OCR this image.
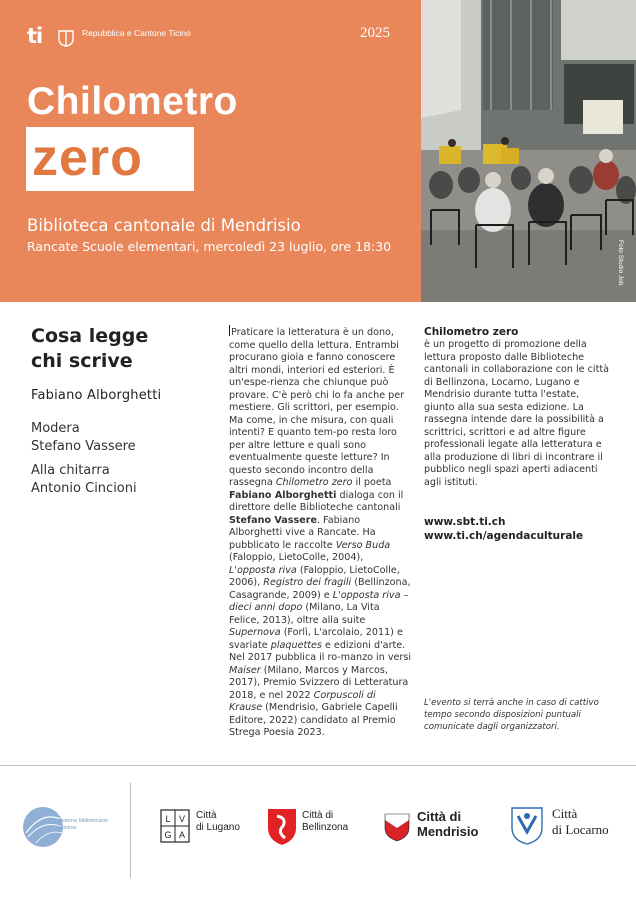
ti	Repubblica e Cantone Ticino	2025
Chilometro
zero
Biblioteca cantonale di Mendrisio
Rancate Scuole elementari, mercoledì 23 luglio, ore 18:30	Foto Studio Job
Cosa legge
chi scrive
Fabiano Alborghetti
Modera
Stefano Vassere
Alla chitarra
Antonio Cincioni

Praticare la letteratura è un dono, come quello della lettura. Entrambi procurano gioia e fanno conoscere altri mondi, interiori ed esteriori. È un'espe-rienza che chiunque può provare. C'è però chi lo fa anche per mestiere. Gli scrittori, per esempio. Ma come, in che misura, con quali intenti? E quanto tem-po resta loro per altre letture e quali sono eventualmente queste letture? In questo secondo incontro della rassegna Chilometro zero il poeta Fabiano Alborghetti dialoga con il direttore delle Biblioteche cantonali Stefano Vassere. Fabiano Alborghetti vive a Rancate. Ha pubblicato le raccolte Verso Buda (Faloppio, LietoColle, 2004), L'opposta riva (Faloppio, LietoColle, 2006), Registro dei fragili (Bellinzona, Casagrande, 2009) e L'opposta riva – dieci anni dopo (Milano, La Vita Felice, 2013), oltre alla suite Supernova (Forlì, L'arcolaio, 2011) e svariate plaquettes e edizioni d'arte. Nel 2017 pubblica il ro-manzo in versi Maiser (Milano, Marcos y Marcos, 2017), Premio Svizzero di Letteratura 2018, e nel 2022 Corpuscoli di Krause (Mendrisio, Gabriele Capelli Editore, 2022) candidato al Premio Strega Poesia 2023.

Chilometro zero
è un progetto di promozione della lettura proposto dalle Biblioteche cantonali in collaborazione con le città di Bellinzona, Locarno, Lugano e Mendrisio durante tutta l'estate, giunto alla sua sesta edizione. La rassegna intende dare la possibilità a scrittrici, scrittori e ad altre figure professionali legate alla letteratura e alla produzione di libri di incontrare il pubblico negli spazi aperti adiacenti agli istituti.
www.sbt.ti.ch
www.ti.ch/agendaculturale
L'evento si terrà anche in caso di cattivo tempo secondo disposizioni puntuali comunicate dagli organizzatori.
sistema bibliotecario ticinese
L V
G A
Città
di Lugano
Città di
Bellinzona
Città di
Mendrisio
Città
di Locarno
